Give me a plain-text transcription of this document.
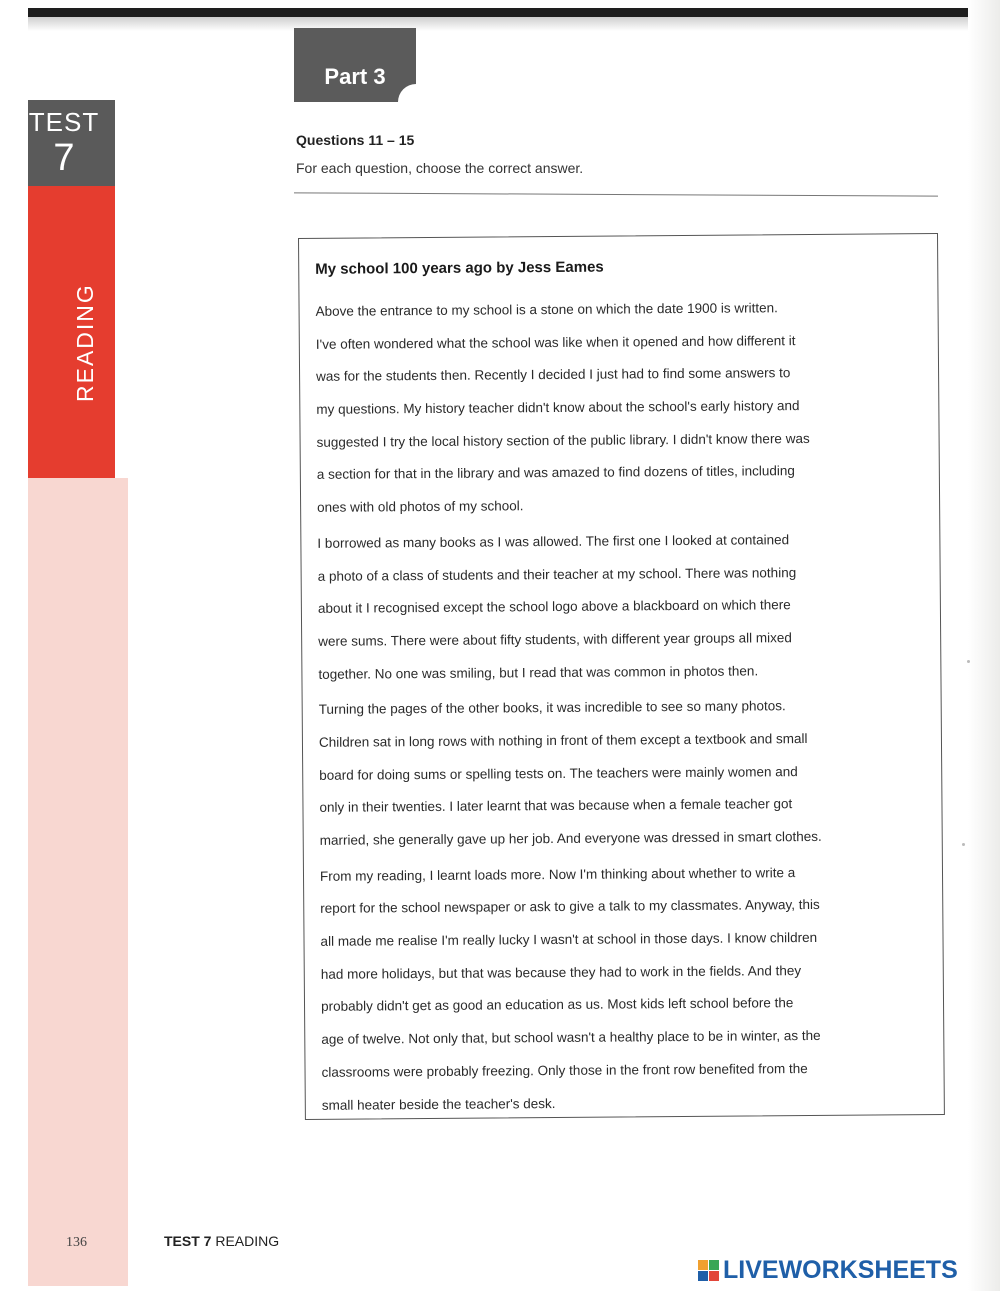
TEST
7
READING
Part 3
Questions 11 – 15
For each question, choose the correct answer.
My school 100 years ago by Jess Eames

Above the entrance to my school is a stone on which the date 1900 is written.
I've often wondered what the school was like when it opened and how different it
was for the students then. Recently I decided I just had to find some answers to
my questions. My history teacher didn't know about the school's early history and
suggested I try the local history section of the public library. I didn't know there was
a section for that in the library and was amazed to find dozens of titles, including
ones with old photos of my school.

I borrowed as many books as I was allowed. The first one I looked at contained
a photo of a class of students and their teacher at my school. There was nothing
about it I recognised except the school logo above a blackboard on which there
were sums. There were about fifty students, with different year groups all mixed
together. No one was smiling, but I read that was common in photos then.

Turning the pages of the other books, it was incredible to see so many photos.
Children sat in long rows with nothing in front of them except a textbook and small
board for doing sums or spelling tests on. The teachers were mainly women and
only in their twenties. I later learnt that was because when a female teacher got
married, she generally gave up her job. And everyone was dressed in smart clothes.

From my reading, I learnt loads more. Now I'm thinking about whether to write a
report for the school newspaper or ask to give a talk to my classmates. Anyway, this
all made me realise I'm really lucky I wasn't at school in those days. I know children
had more holidays, but that was because they had to work in the fields. And they
probably didn't get as good an education as us. Most kids left school before the
age of twelve. Not only that, but school wasn't a healthy place to be in winter, as the
classrooms were probably freezing. Only those in the front row benefited from the
small heater beside the teacher's desk.

136	TEST 7 READING
LIVEWORKSHEETS
